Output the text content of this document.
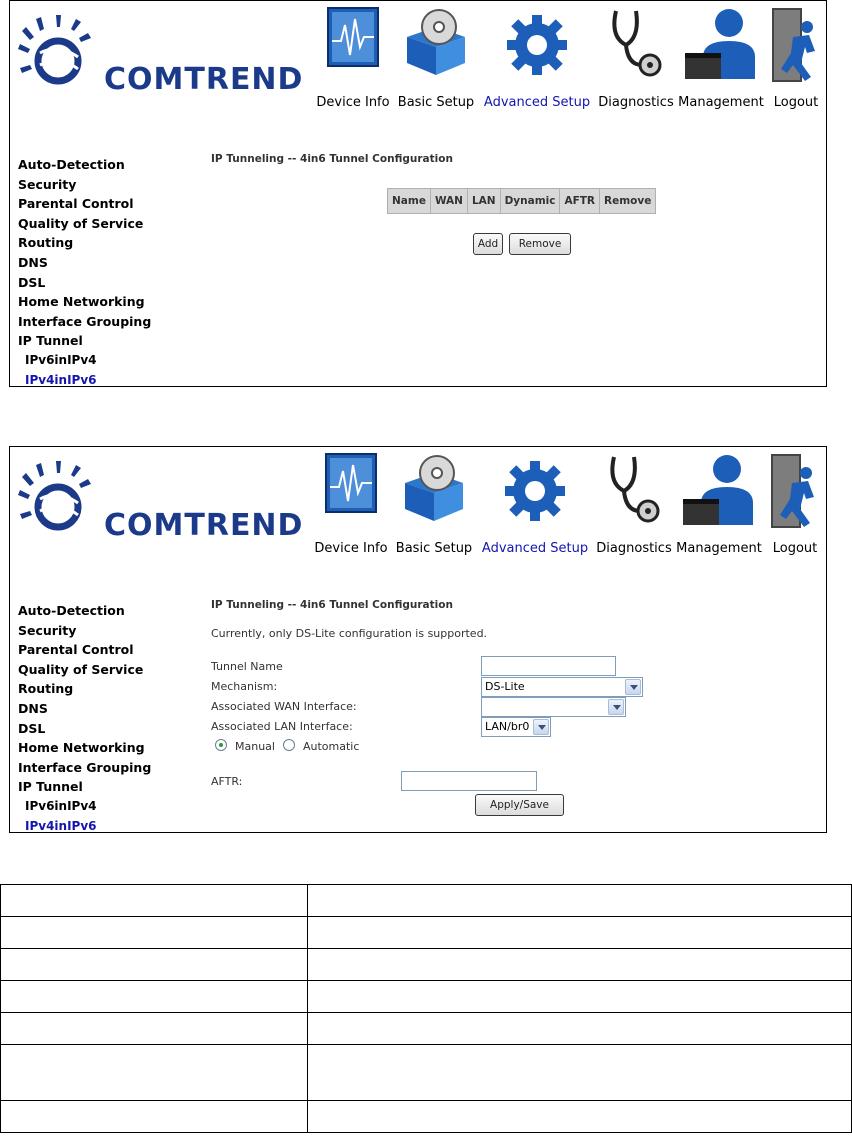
COMTREND
Device Info Basic Setup Advanced Setup Diagnostics Management Logout
Auto-Detection
Security
Parental Control
Quality of Service
Routing
DNS
DSL
Home Networking
Interface Grouping
IP Tunnel
IPv6inIPv4
IPv4inIPv6
IP Tunneling -- 4in6 Tunnel Configuration
Name	WAN	LAN	Dynamic	AFTR	Remove
Add	Remove
COMTREND
Device Info Basic Setup Advanced Setup Diagnostics Management Logout
Auto-Detection
Security
Parental Control
Quality of Service
Routing
DNS
DSL
Home Networking
Interface Grouping
IP Tunnel
IPv6inIPv4
IPv4inIPv6
IP Tunneling -- 4in6 Tunnel Configuration
Currently, only DS-Lite configuration is supported.
Tunnel Name
Mechanism:	DS-Lite
Associated WAN Interface:
Associated LAN Interface:	LAN/br0
Manual	Automatic
AFTR:
Apply/Save
